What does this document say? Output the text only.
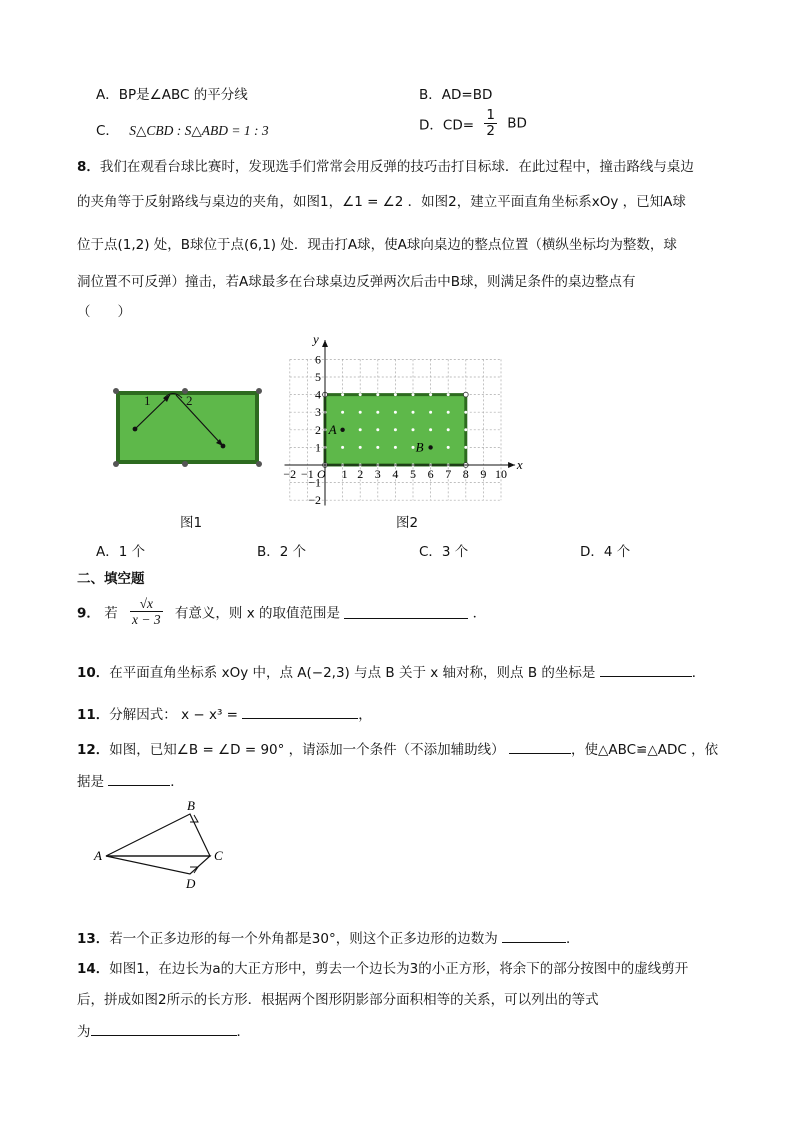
A．BP是∠ABC 的平分线	B．AD=BD
C． S△CBD : S△ABD = 1 : 3	D．$CD= \frac{1}{2}$ BD
8．我们在观看台球比赛时，发现选手们常常会用反弹的技巧击打目标球．在此过程中，撞击路线与桌边
的夹角等于反射路线与桌边的夹角，如图1，∠1 = ∠2 ．如图2，建立平面直角坐标系xOy ，已知A球
位于点(1,2) 处，B球位于点(6,1) 处．现击打A球，使A球向桌边的整点位置（横纵坐标均为整数，球
洞位置不可反弹）撞击，若A球最多在台球桌边反弹两次后击中B球，则满足条件的桌边整点有
（　　）
1	2
图1
x
y
O
−2 −1 1 2 3 4 5 6 7 8 9 10
6
5
4
3
2
1
−1
−2
A
B
图2
A．1 个	B．2 个	C．3 个	D．4 个
二、填空题
9． 若 $\frac{√x}{x - 3}$ 有意义，则 x 的取值范围是	．
10．在平面直角坐标系 xOy 中，点 A(−2,3) 与点 B 关于 x 轴对称，则点 B 的坐标是	．
11．分解因式： x − x³ =	，
12．如图，已知∠B = ∠D = 90° ，请添加一个条件（不添加辅助线）	，使△ABC≌△ADC ，依
据是	．
A
B
C
D
13．若一个正多边形的每一个外角都是30°，则这个正多边形的边数为	．
14．如图1，在边长为a的大正方形中，剪去一个边长为3的小正方形，将余下的部分按图中的虚线剪开
后，拼成如图2所示的长方形．根据两个图形阴影部分面积相等的关系，可以列出的等式
为	．
